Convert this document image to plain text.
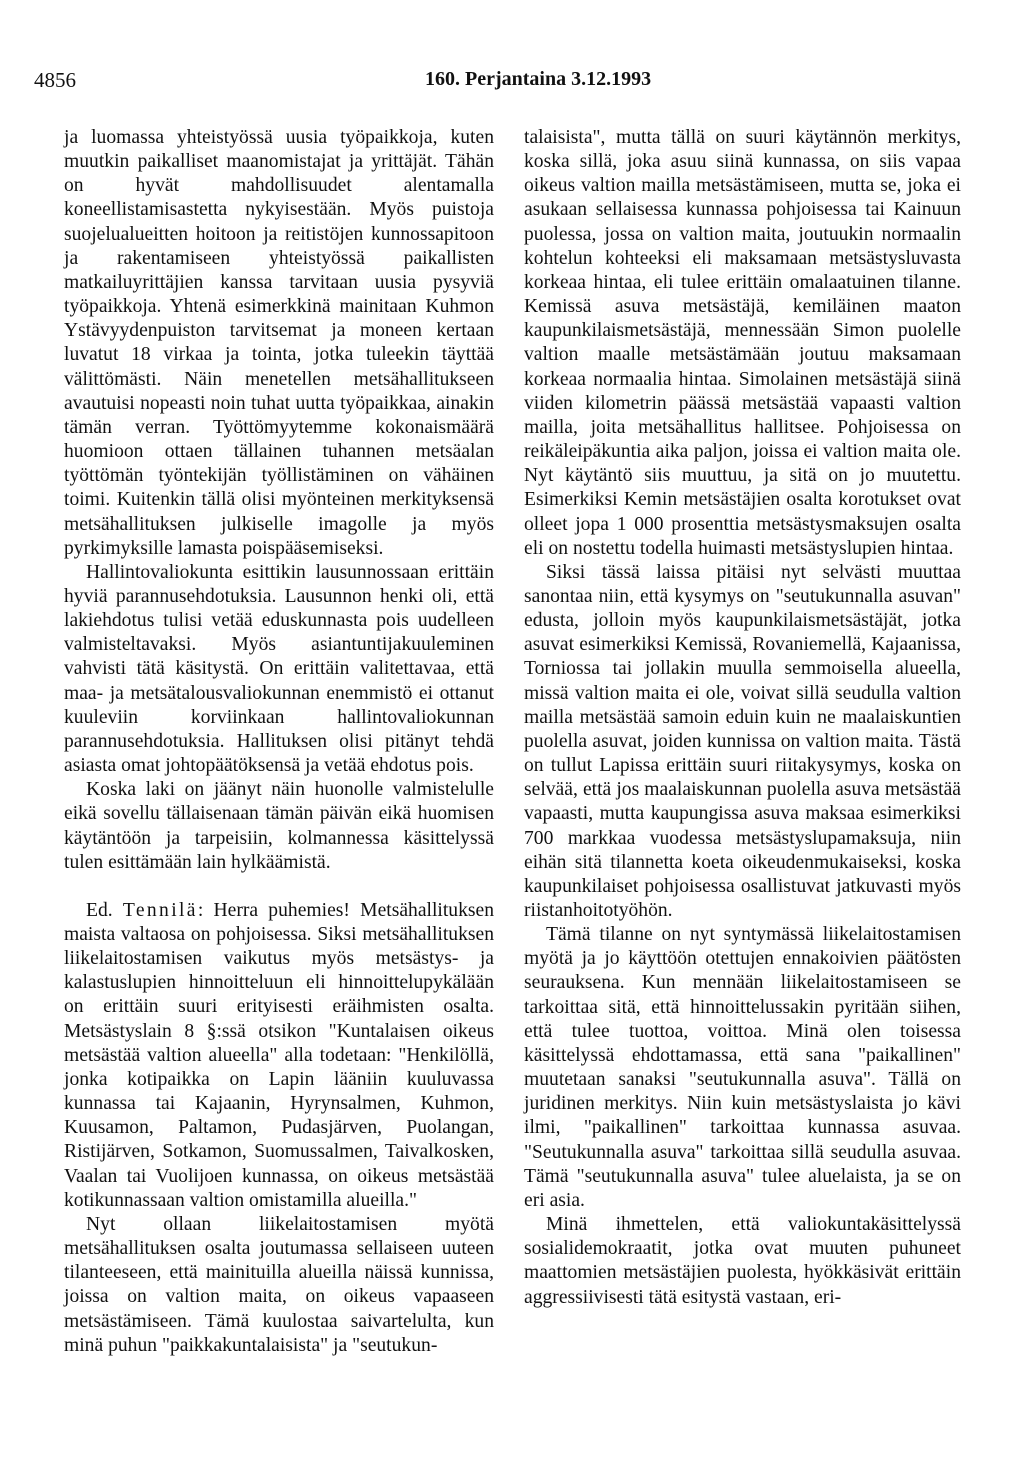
4856	160. Perjantaina 3.12.1993

ja luomassa yhteistyössä uusia työpaikkoja, kuten muutkin paikalliset maanomistajat ja yrittäjät. Tähän on hyvät mahdollisuudet alentamalla koneellistamisastetta nykyisestään. Myös puistoja suojelualueitten hoitoon ja reitistöjen kunnossapitoon ja rakentamiseen yhteistyössä paikallisten matkailuyrittäjien kanssa tarvitaan uusia pysyviä työpaikkoja. Yhtenä esimerkkinä mainitaan Kuhmon Ystävyydenpuiston tarvitsemat ja moneen kertaan luvatut 18 virkaa ja tointa, jotka tuleekin täyttää välittömästi. Näin menetellen metsähallitukseen avautuisi nopeasti noin tuhat uutta työpaikkaa, ainakin tämän verran. Työttömyytemme kokonaismäärä huomioon ottaen tällainen tuhannen metsäalan työttömän työntekijän työllistäminen on vähäinen toimi. Kuitenkin tällä olisi myönteinen merkityksensä metsähallituksen julkiselle imagolle ja myös pyrkimyksille lamasta poispääsemiseksi.

Hallintovaliokunta esittikin lausunnossaan erittäin hyviä parannusehdotuksia. Lausunnon henki oli, että lakiehdotus tulisi vetää eduskunnasta pois uudelleen valmisteltavaksi. Myös asiantuntijakuuleminen vahvisti tätä käsitystä. On erittäin valitettavaa, että maa- ja metsätalousvaliokunnan enemmistö ei ottanut kuuleviin korviinkaan hallintovaliokunnan parannusehdotuksia. Hallituksen olisi pitänyt tehdä asiasta omat johtopäätöksensä ja vetää ehdotus pois.

Koska laki on jäänyt näin huonolle valmistelulle eikä sovellu tällaisenaan tämän päivän eikä huomisen käytäntöön ja tarpeisiin, kolmannessa käsittelyssä tulen esittämään lain hylkäämistä.

Ed. Tennilä: Herra puhemies! Metsähallituksen maista valtaosa on pohjoisessa. Siksi metsähallituksen liikelaitostamisen vaikutus myös metsästys- ja kalastuslupien hinnoitteluun eli hinnoittelupykälään on erittäin suuri erityisesti eräihmisten osalta. Metsästyslain 8 §:ssä otsikon "Kuntalaisen oikeus metsästää valtion alueella" alla todetaan: "Henkilöllä, jonka kotipaikka on Lapin lääniin kuuluvassa kunnassa tai Kajaanin, Hyrynsalmen, Kuhmon, Kuusamon, Paltamon, Pudasjärven, Puolangan, Ristijärven, Sotkamon, Suomussalmen, Taivalkosken, Vaalan tai Vuolijoen kunnassa, on oikeus metsästää kotikunnassaan valtion omistamilla alueilla."

Nyt ollaan liikelaitostamisen myötä metsähallituksen osalta joutumassa sellaiseen uuteen tilanteeseen, että mainituilla alueilla näissä kunnissa, joissa on valtion maita, on oikeus vapaaseen metsästämiseen. Tämä kuulostaa saivartelulta, kun minä puhun "paikkakuntalaisista" ja "seutukun-

talaisista", mutta tällä on suuri käytännön merkitys, koska sillä, joka asuu siinä kunnassa, on siis vapaa oikeus valtion mailla metsästämiseen, mutta se, joka ei asukaan sellaisessa kunnassa pohjoisessa tai Kainuun puolessa, jossa on valtion maita, joutuukin normaalin kohtelun kohteeksi eli maksamaan metsästysluvasta korkeaa hintaa, eli tulee erittäin omalaatuinen tilanne. Kemissä asuva metsästäjä, kemiläinen maaton kaupunkilaismetsästäjä, mennessään Simon puolelle valtion maalle metsästämään joutuu maksamaan korkeaa normaalia hintaa. Simolainen metsästäjä siinä viiden kilometrin päässä metsästää vapaasti valtion mailla, joita metsähallitus hallitsee. Pohjoisessa on reikäleipäkuntia aika paljon, joissa ei valtion maita ole. Nyt käytäntö siis muuttuu, ja sitä on jo muutettu. Esimerkiksi Kemin metsästäjien osalta korotukset ovat olleet jopa 1 000 prosenttia metsästysmaksujen osalta eli on nostettu todella huimasti metsästyslupien hintaa.

Siksi tässä laissa pitäisi nyt selvästi muuttaa sanontaa niin, että kysymys on "seutukunnalla asuvan" edusta, jolloin myös kaupunkilaismetsästäjät, jotka asuvat esimerkiksi Kemissä, Rovaniemellä, Kajaanissa, Torniossa tai jollakin muulla semmoisella alueella, missä valtion maita ei ole, voivat sillä seudulla valtion mailla metsästää samoin eduin kuin ne maalaiskuntien puolella asuvat, joiden kunnissa on valtion maita. Tästä on tullut Lapissa erittäin suuri riitakysymys, koska on selvää, että jos maalaiskunnan puolella asuva metsästää vapaasti, mutta kaupungissa asuva maksaa esimerkiksi 700 markkaa vuodessa metsästyslupamaksuja, niin eihän sitä tilannetta koeta oikeudenmukaiseksi, koska kaupunkilaiset pohjoisessa osallistuvat jatkuvasti myös riistanhoitotyöhön.

Tämä tilanne on nyt syntymässä liikelaitostamisen myötä ja jo käyttöön otettujen ennakoivien päätösten seurauksena. Kun mennään liikelaitostamiseen se tarkoittaa sitä, että hinnoittelussakin pyritään siihen, että tulee tuottoa, voittoa. Minä olen toisessa käsittelyssä ehdottamassa, että sana "paikallinen" muutetaan sanaksi "seutukunnalla asuva". Tällä on juridinen merkitys. Niin kuin metsästyslaista jo kävi ilmi, "paikallinen" tarkoittaa kunnassa asuvaa. "Seutukunnalla asuva" tarkoittaa sillä seudulla asuvaa. Tämä "seutukunnalla asuva" tulee aluelaista, ja se on eri asia.

Minä ihmettelen, että valiokuntakäsittelyssä sosialidemokraatit, jotka ovat muuten puhuneet maattomien metsästäjien puolesta, hyökkäsivät erittäin aggressiivisesti tätä esitystä vastaan, eri-
